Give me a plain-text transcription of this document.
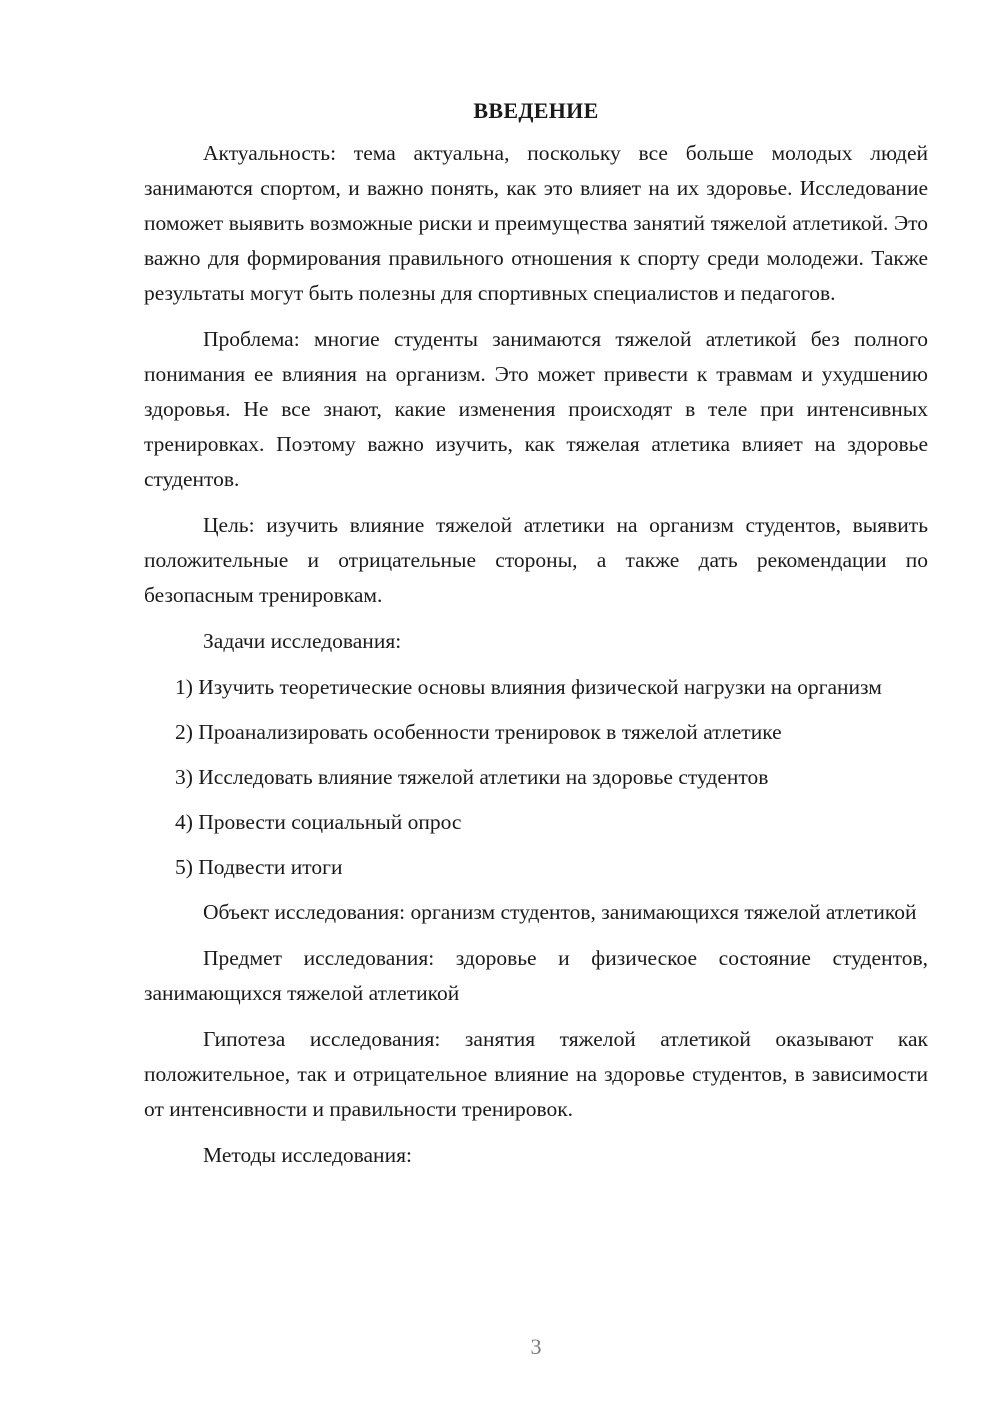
ВВЕДЕНИЕ

Актуальность: тема актуальна, поскольку все больше молодых людей занимаются спортом, и важно понять, как это влияет на их здоровье. Исследование поможет выявить возможные риски и преимущества занятий тяжелой атлетикой. Это важно для формирования правильного отношения к спорту среди молодежи. Также результаты могут быть полезны для спортивных специалистов и педагогов.

Проблема: многие студенты занимаются тяжелой атлетикой без полного понимания ее влияния на организм. Это может привести к травмам и ухудшению здоровья. Не все знают, какие изменения происходят в теле при интенсивных тренировках. Поэтому важно изучить, как тяжелая атлетика влияет на здоровье студентов.

Цель: изучить влияние тяжелой атлетики на организм студентов, выявить положительные и отрицательные стороны, а также дать рекомендации по безопасным тренировкам.

Задачи исследования:

1) Изучить теоретические основы влияния физической нагрузки на организм

2) Проанализировать особенности тренировок в тяжелой атлетике

3) Исследовать влияние тяжелой атлетики на здоровье студентов

4) Провести социальный опрос

5) Подвести итоги

Объект исследования: организм студентов, занимающихся тяжелой атлетикой

Предмет исследования: здоровье и физическое состояние студентов, занимающихся тяжелой атлетикой

Гипотеза исследования: занятия тяжелой атлетикой оказывают как положительное, так и отрицательное влияние на здоровье студентов, в зависимости от интенсивности и правильности тренировок.

Методы исследования:

3
